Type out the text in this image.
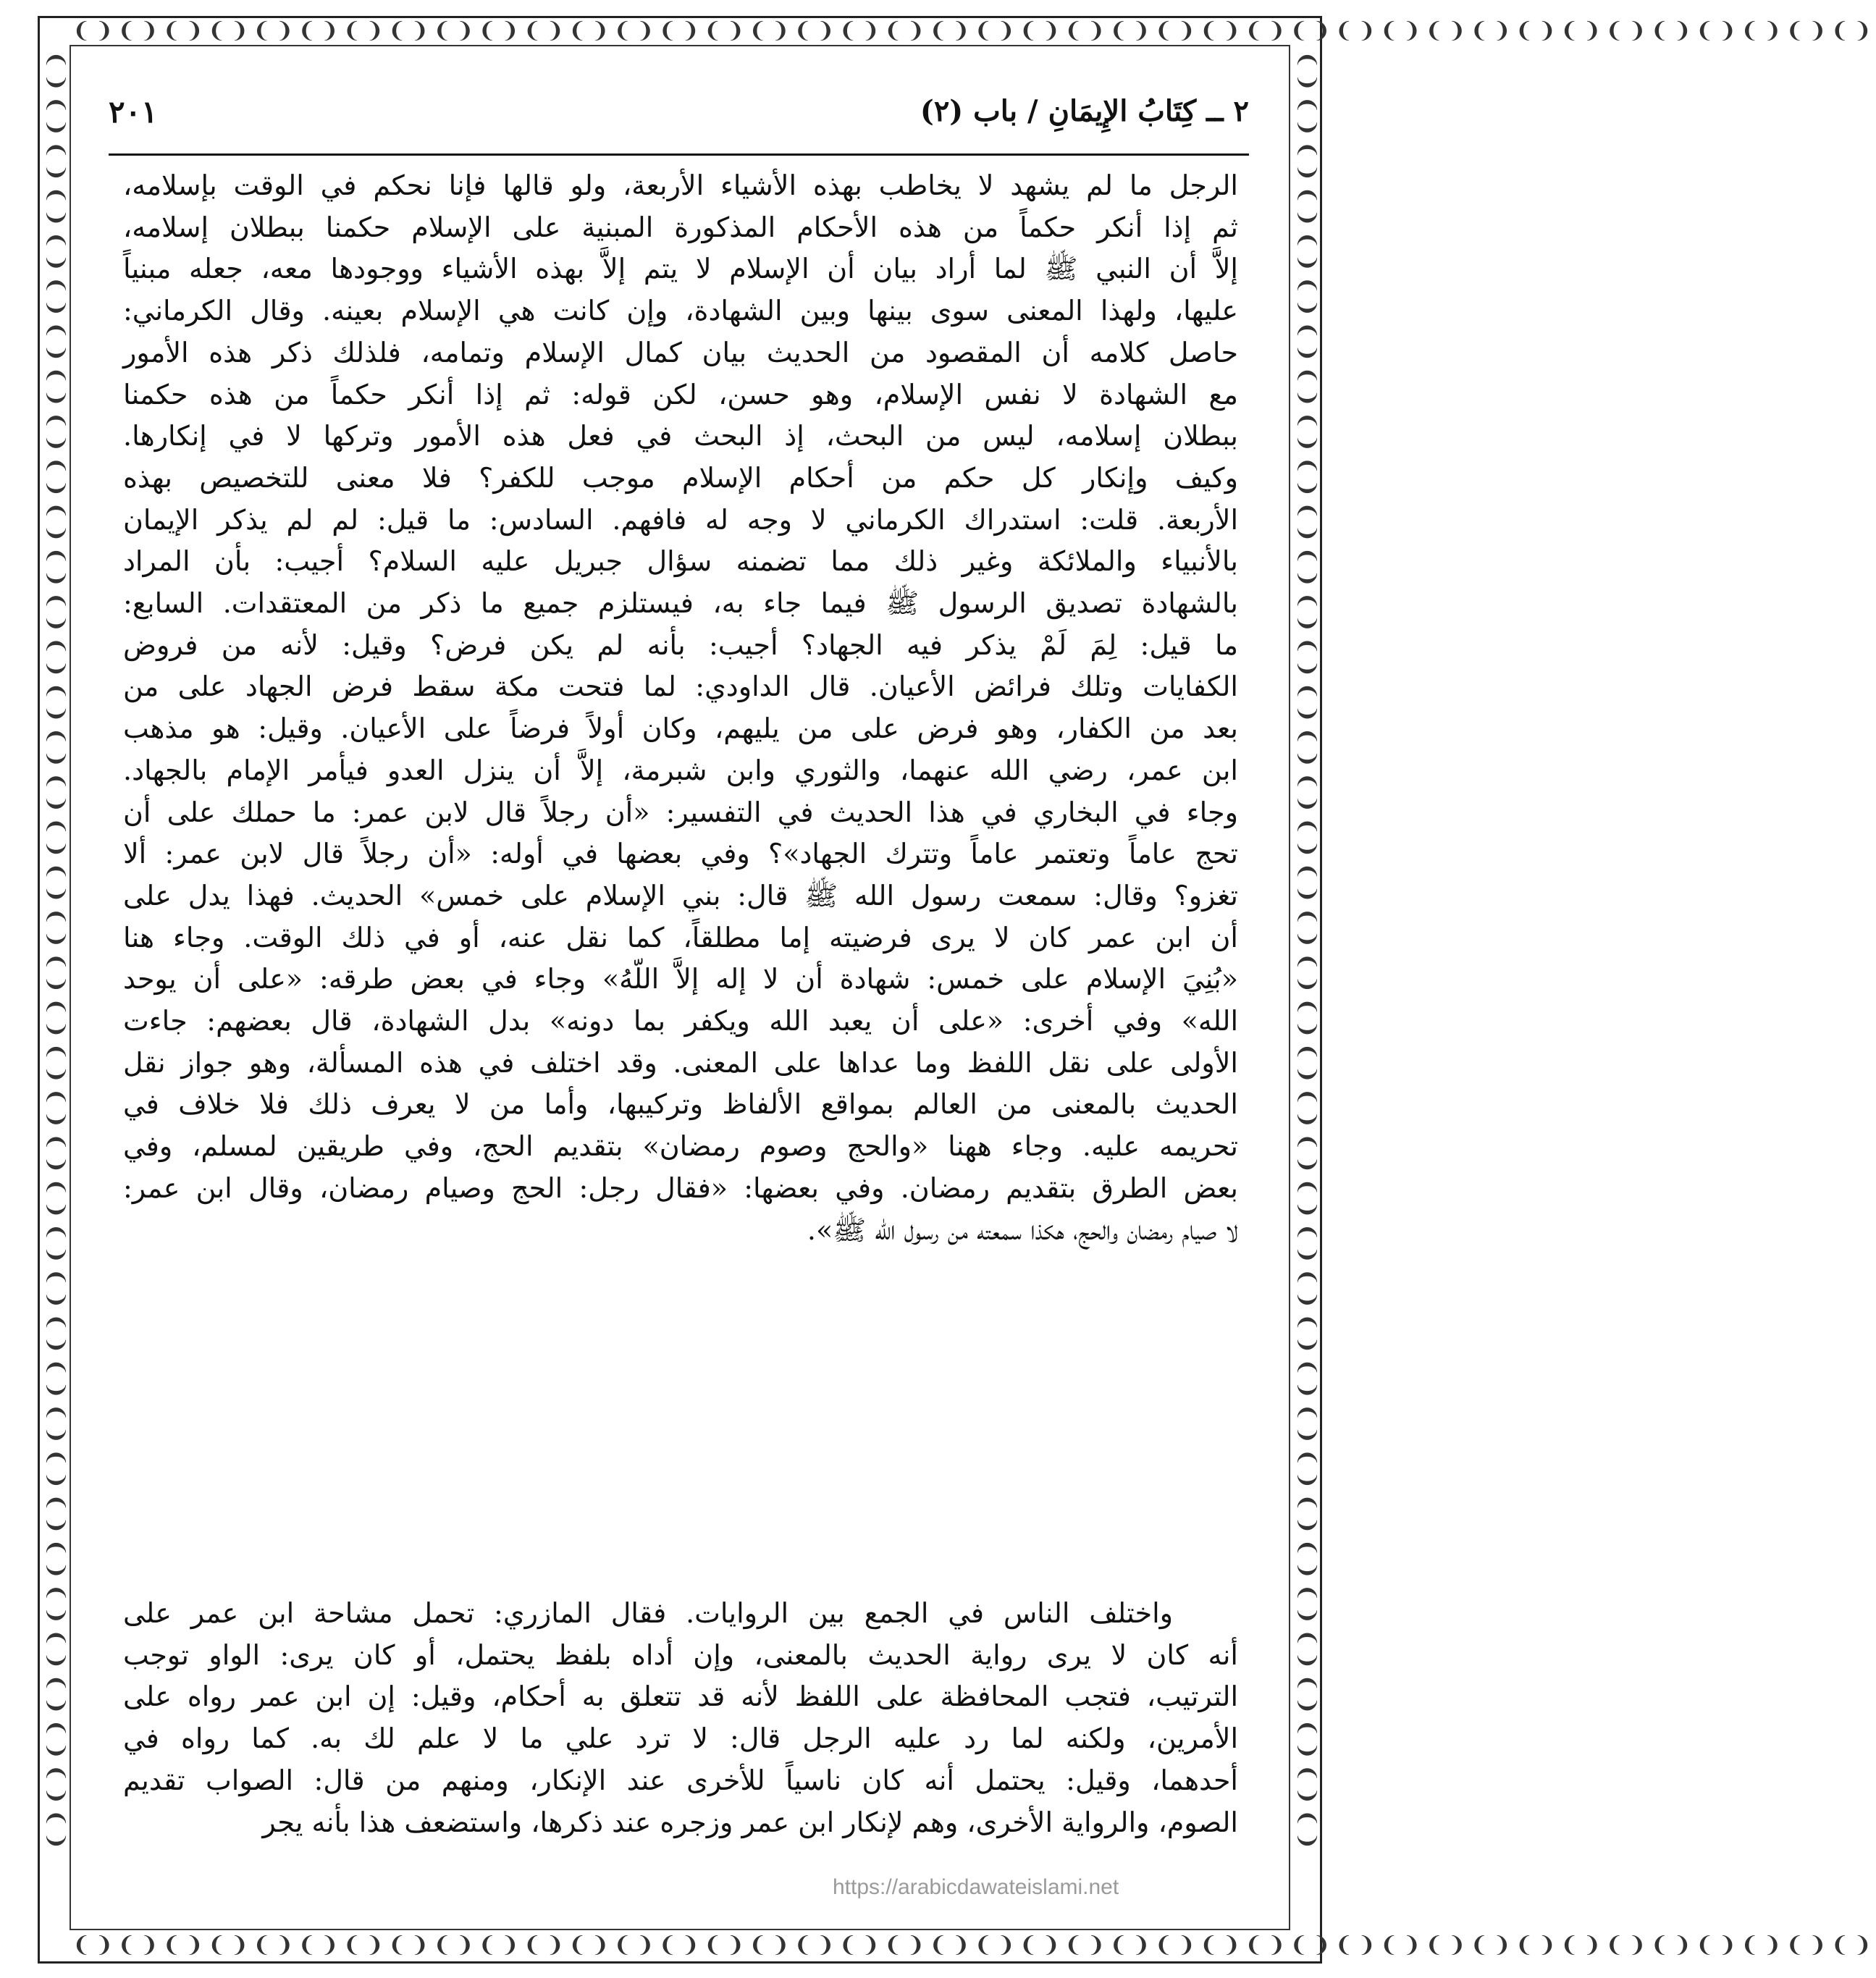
❨❩❨❩❨❩❨❩❨❩❨❩❨❩❨❩❨❩❨❩❨❩❨❩❨❩❨❩❨❩❨❩❨❩❨❩❨❩❨❩❨❩❨❩❨❩❨❩❨❩❨❩❨❩❨❩❨❩❨❩❨❩❨❩❨❩❨❩❨❩❨❩❨❩❨❩❨❩❨❩
❨❩❨❩❨❩❨❩❨❩❨❩❨❩❨❩❨❩❨❩❨❩❨❩❨❩❨❩❨❩❨❩❨❩❨❩❨❩❨❩❨❩❨❩❨❩❨❩❨❩❨❩❨❩❨❩❨❩❨❩❨❩❨❩❨❩❨❩❨❩❨❩❨❩❨❩❨❩❨❩
❨❩❨❩❨❩❨❩❨❩❨❩❨❩❨❩❨❩❨❩❨❩❨❩❨❩❨❩❨❩❨❩❨❩❨❩❨❩❨❩❨❩❨❩❨❩❨❩❨❩❨❩❨❩❨❩❨❩❨❩❨❩❨❩❨❩❨❩❨❩❨❩❨❩❨❩❨❩❨❩	❨❩❨❩❨❩❨❩❨❩❨❩❨❩❨❩❨❩❨❩❨❩❨❩❨❩❨❩❨❩❨❩❨❩❨❩❨❩❨❩❨❩❨❩❨❩❨❩❨❩❨❩❨❩❨❩❨❩❨❩❨❩❨❩❨❩❨❩❨❩❨❩❨❩❨❩❨❩❨❩
٢ ــ كِتَابُ الإِيمَانِ / باب (٢)
٢٠١
الرجل ما لم يشهد لا يخاطب بهذه الأشياء الأربعة، ولو قالها فإنا نحكم في الوقت بإسلامه،
ثم إذا أنكر حكماً من هذه الأحكام المذكورة المبنية على الإسلام حكمنا ببطلان إسلامه،
إلاَّ أن النبي ﷺ لما أراد بيان أن الإسلام لا يتم إلاَّ بهذه الأشياء ووجودها معه، جعله مبنياً
عليها، ولهذا المعنى سوى بينها وبين الشهادة، وإن كانت هي الإسلام بعينه. وقال الكرماني:
حاصل كلامه أن المقصود من الحديث بيان كمال الإسلام وتمامه، فلذلك ذكر هذه الأمور
مع الشهادة لا نفس الإسلام، وهو حسن، لكن قوله: ثم إذا أنكر حكماً من هذه حكمنا
ببطلان إسلامه، ليس من البحث، إذ البحث في فعل هذه الأمور وتركها لا في إنكارها.
وكيف وإنكار كل حكم من أحكام الإسلام موجب للكفر؟ فلا معنى للتخصيص بهذه
الأربعة. قلت: استدراك الكرماني لا وجه له فافهم. السادس: ما قيل: لم لم يذكر الإيمان
بالأنبياء والملائكة وغير ذلك مما تضمنه سؤال جبريل عليه السلام؟ أجيب: بأن المراد
بالشهادة تصديق الرسول ﷺ فيما جاء به، فيستلزم جميع ما ذكر من المعتقدات. السابع:
ما قيل: لِمَ لَمْ يذكر فيه الجهاد؟ أجيب: بأنه لم يكن فرض؟ وقيل: لأنه من فروض
الكفايات وتلك فرائض الأعيان. قال الداودي: لما فتحت مكة سقط فرض الجهاد على من
بعد من الكفار، وهو فرض على من يليهم، وكان أولاً فرضاً على الأعيان. وقيل: هو مذهب
ابن عمر، رضي الله عنهما، والثوري وابن شبرمة، إلاَّ أن ينزل العدو فيأمر الإمام بالجهاد.
وجاء في البخاري في هذا الحديث في التفسير: «أن رجلاً قال لابن عمر: ما حملك على أن
تحج عاماً وتعتمر عاماً وتترك الجهاد»؟ وفي بعضها في أوله: «أن رجلاً قال لابن عمر: ألا
تغزو؟ وقال: سمعت رسول الله ﷺ قال: بني الإسلام على خمس» الحديث. فهذا يدل على
أن ابن عمر كان لا يرى فرضيته إما مطلقاً، كما نقل عنه، أو في ذلك الوقت. وجاء هنا
«بُنِيَ الإسلام على خمس: شهادة أن لا إله إلاَّ اللّهُ» وجاء في بعض طرقه: «على أن يوحد
الله» وفي أخرى: «على أن يعبد الله ويكفر بما دونه» بدل الشهادة، قال بعضهم: جاءت
الأولى على نقل اللفظ وما عداها على المعنى. وقد اختلف في هذه المسألة، وهو جواز نقل
الحديث بالمعنى من العالم بمواقع الألفاظ وتركيبها، وأما من لا يعرف ذلك فلا خلاف في
تحريمه عليه. وجاء ههنا «والحج وصوم رمضان» بتقديم الحج، وفي طريقين لمسلم، وفي
بعض الطرق بتقديم رمضان. وفي بعضها: «فقال رجل: الحج وصيام رمضان، وقال ابن عمر:
لا صيام رمضان والحج، هكذا سمعته من رسول الله ﷺ».
واختلف الناس في الجمع بين الروايات. فقال المازري: تحمل مشاحة ابن عمر على
أنه كان لا يرى رواية الحديث بالمعنى، وإن أداه بلفظ يحتمل، أو كان يرى: الواو توجب
الترتيب، فتجب المحافظة على اللفظ لأنه قد تتعلق به أحكام، وقيل: إن ابن عمر رواه على
الأمرين، ولكنه لما رد عليه الرجل قال: لا ترد علي ما لا علم لك به. كما رواه في
أحدهما، وقيل: يحتمل أنه كان ناسياً للأخرى عند الإنكار، ومنهم من قال: الصواب تقديم
الصوم، والرواية الأخرى، وهم لإنكار ابن عمر وزجره عند ذكرها، واستضعف هذا بأنه يجر
https://arabicdawateislami.net
